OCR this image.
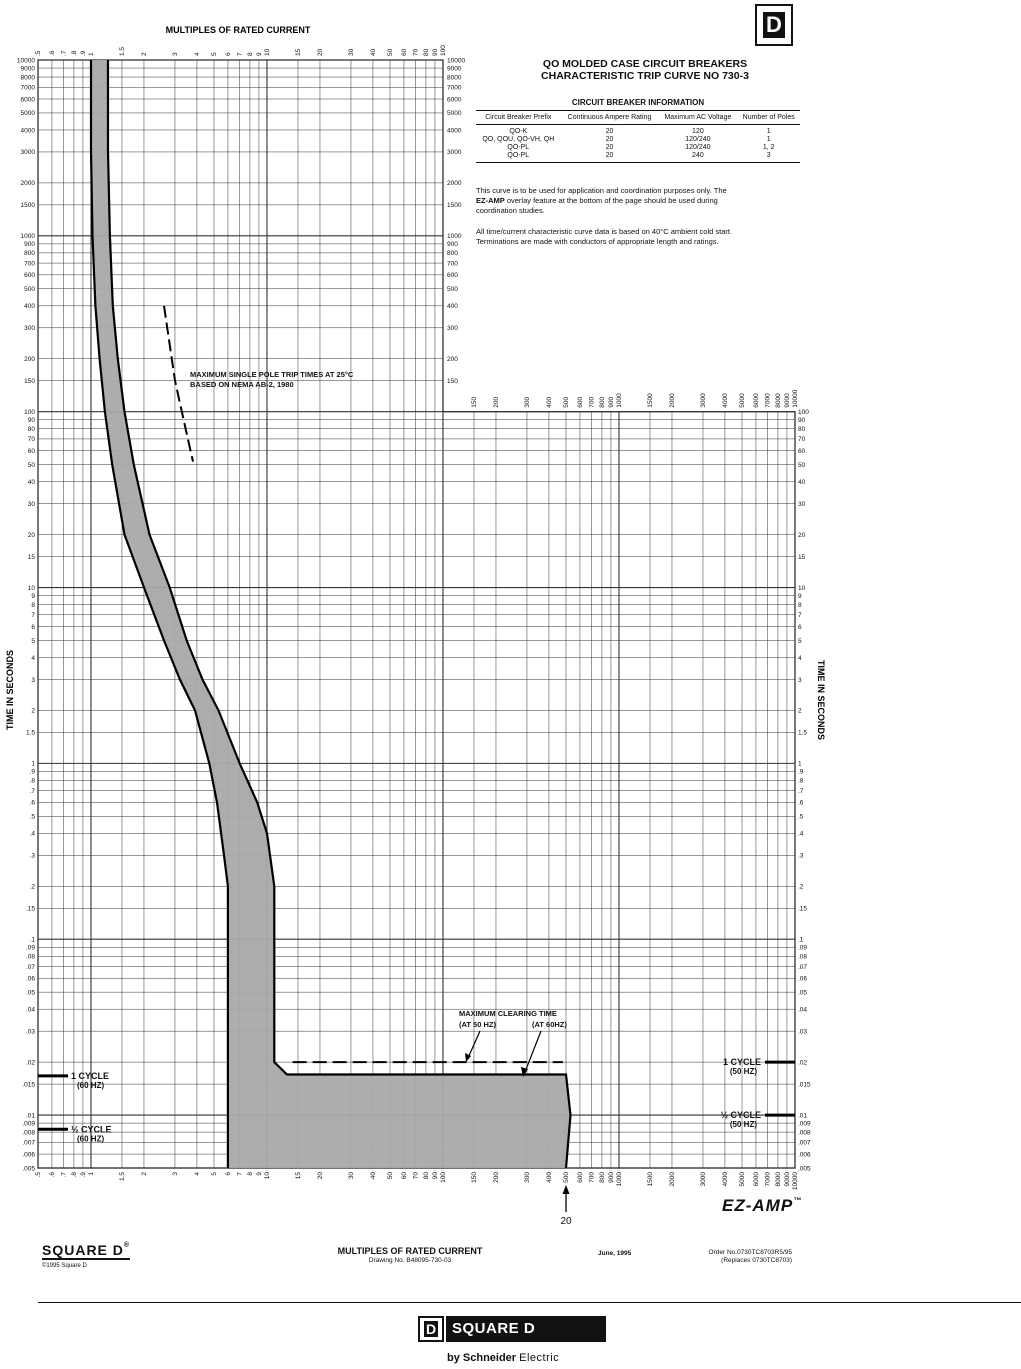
.5 .6 .7 .8 .9 1	1.5 2	3 4 5 6 7 8 9 10	15 20	30 40 50 60 70 80 90 100
150 200	300 400 500 600 700 800 900 1000	1500 2000	3000 4000 5000 6000 7000 8000 9000 10000
.5 .6 .7 .8 .9 1	1.5 2	3 4 5 6 7 8 9 10	15 20	30 40 50 60 70 80 90 100	150 200	300 400 500 600 700 800 900 1000	1500 2000	3000 4000 5000 6000 7000 8000 9000 10000
.005
.006
.007
.008
.009
.01
.015
.02
.03
.04
.05
.06
.07
.08
.09
.1
.15
.2
.3
.4
.5
.6
.7
.8
.9
1
1.5
2
3
4
5
6
7
8
9
10
15
20
30
40
50
60
70
80
90
100
150
200
300
400
500
600
700
800
900
1000
1500
2000
3000
4000
5000
6000
7000
8000
9000
10000
150
200
300
400
500
600
700
800
900
1000
1500
2000
3000
4000
5000
6000
7000
8000
9000
10000
.005
.006
.007
.008
.009
.01
.015
.02
.03
.04
.05
.06
.07
.08
.09
.1
.15
.2
.3
.4
.5
.6
.7
.8
.9
1
1.5
2
3
4
5
6
7
8
9
10
15
20
30
40
50
60
70
80
90
100
MULTIPLES OF RATED CURRENT
TIME IN SECONDS	TIME IN SECONDS
MAXIMUM SINGLE POLE TRIP TIMES AT 25°C
BASED ON NEMA AB-2, 1980
MAXIMUM CLEARING TIME
(AT 50 HZ)	(AT 60HZ)
1 CYCLE
(60 HZ)
½ CYCLE
(60 HZ)
1 CYCLE
(50 HZ)
½ CYCLE
(50 HZ)
20
D
QO MOLDED CASE CIRCUIT BREAKERS
CHARACTERISTIC TRIP CURVE NO 730-3
CIRCUIT BREAKER INFORMATION
Circuit Breaker Prefix	Continuous Ampere Rating	Maximum AC Voltage	Number of Poles
QO-K	20	120	1
QO, QOU, QO-VH, QH	20	120/240	1
QO-PL	20	120/240	1, 2
QO-PL	20	240	3
This curve is to be used for application and coordination purposes only. The
EZ-AMP overlay feature at the bottom of the page should be used during
coordination studies.
All time/current characteristic curve data is based on 40°C ambient cold start.
Terminations are made with conductors of appropriate length and ratings.
EZ-AMP™
SQUARE D®
©1995 Square D
MULTIPLES OF RATED CURRENT
Drawing No. B48095-730-03
June, 1995	Order No.0730TC8703R5/95
(Replaces 0730TC8703)
D	SQUARE D
by Schneider Electric
